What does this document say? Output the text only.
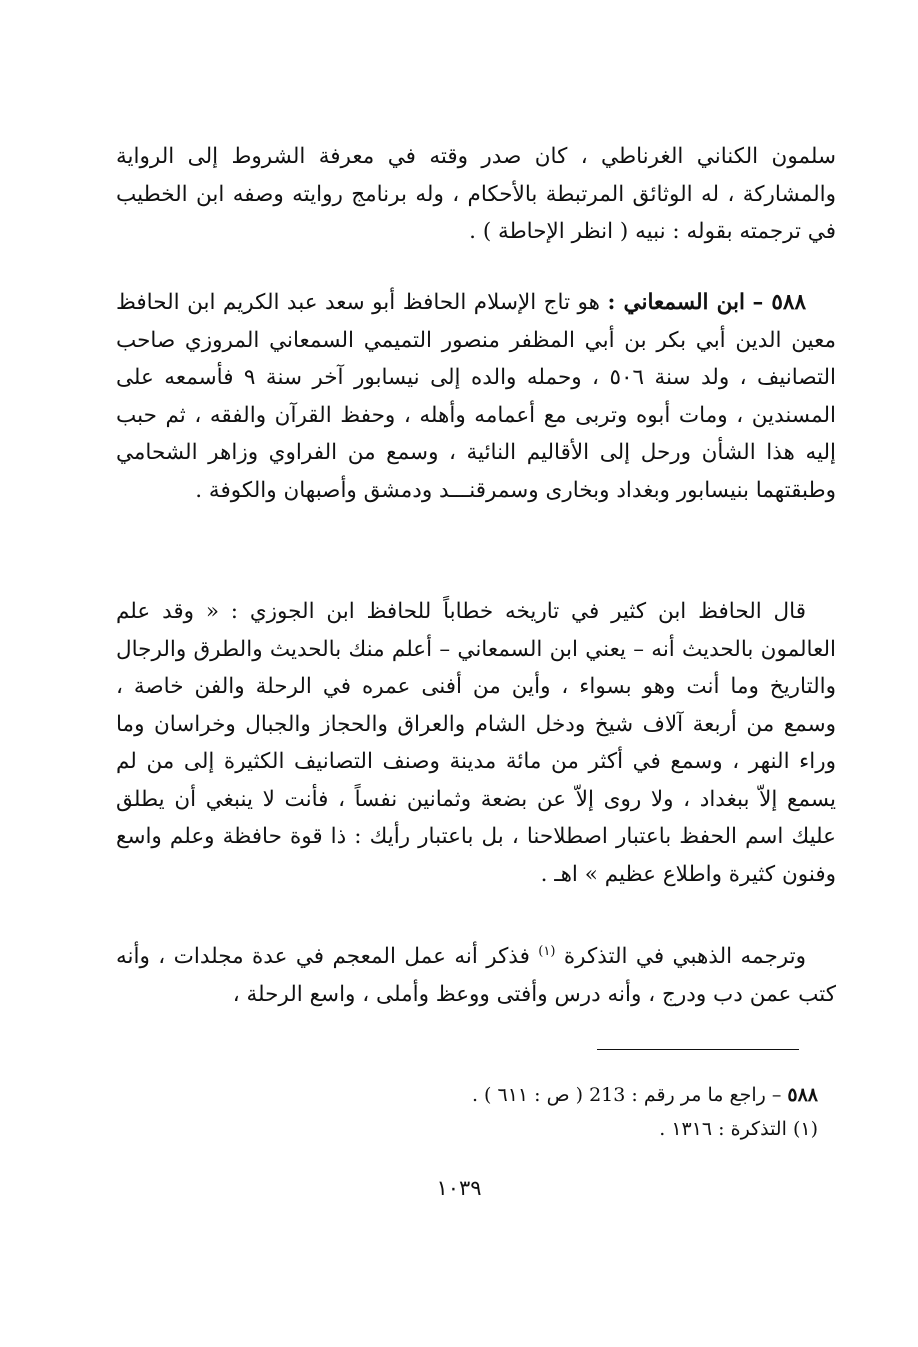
سلمون الكناني الغرناطي ، كان صدر وقته في معرفة الشروط إلى الرواية والمشاركة ، له الوثائق المرتبطة بالأحكام ، وله برنامج روايته وصفه ابن الخطيب في ترجمته بقوله : نبيه ( انظر الإحاطة ) .

٥٨٨ – ابن السمعاني : هو تاج الإسلام الحافظ أبو سعد عبد الكريم ابن الحافظ معين الدين أبي بكر بن أبي المظفر منصور التميمي السمعاني المروزي صاحب التصانيف ، ولد سنة ٥٠٦ ، وحمله والده إلى نيسابور آخر سنة ٩ فأسمعه على المسندين ، ومات أبوه وتربى مع أعمامه وأهله ، وحفظ القرآن والفقه ، ثم حبب إليه هذا الشأن ورحل إلى الأقاليم النائية ، وسمع من الفراوي وزاهر الشحامي وطبقتهما بنيسابور وبغداد وبخارى وسمرقنـــد ودمشق وأصبهان والكوفة .

قال الحافظ ابن كثير في تاريخه خطاباً للحافظ ابن الجوزي : « وقد علم العالمون بالحديث أنه – يعني ابن السمعاني – أعلم منك بالحديث والطرق والرجال والتاريخ وما أنت وهو بسواء ، وأين من أفنى عمره في الرحلة والفن خاصة ، وسمع من أربعة آلاف شيخ ودخل الشام والعراق والحجاز والجبال وخراسان وما وراء النهر ، وسمع في أكثر من مائة مدينة وصنف التصانيف الكثيرة إلى من لم يسمع إلاّ ببغداد ، ولا روى إلاّ عن بضعة وثمانين نفساً ، فأنت لا ينبغي أن يطلق عليك اسم الحفظ باعتبار اصطلاحنا ، بل باعتبار رأيك : ذا قوة حافظة وعلم واسع وفنون كثيرة واطلاع عظيم » اهـ .

وترجمه الذهبي في التذكرة $^{(١)}$ فذكر أنه عمل المعجم في عدة مجلدات ، وأنه كتب عمن دب ودرج ، وأنه درس وأفتى ووعظ وأملى ، واسع الرحلة ،

٥٨٨ – راجع ما مر رقم : 213 ( ص : ٦١١ ) .

(١) التذكرة : ١٣١٦ .

١٠٣٩
